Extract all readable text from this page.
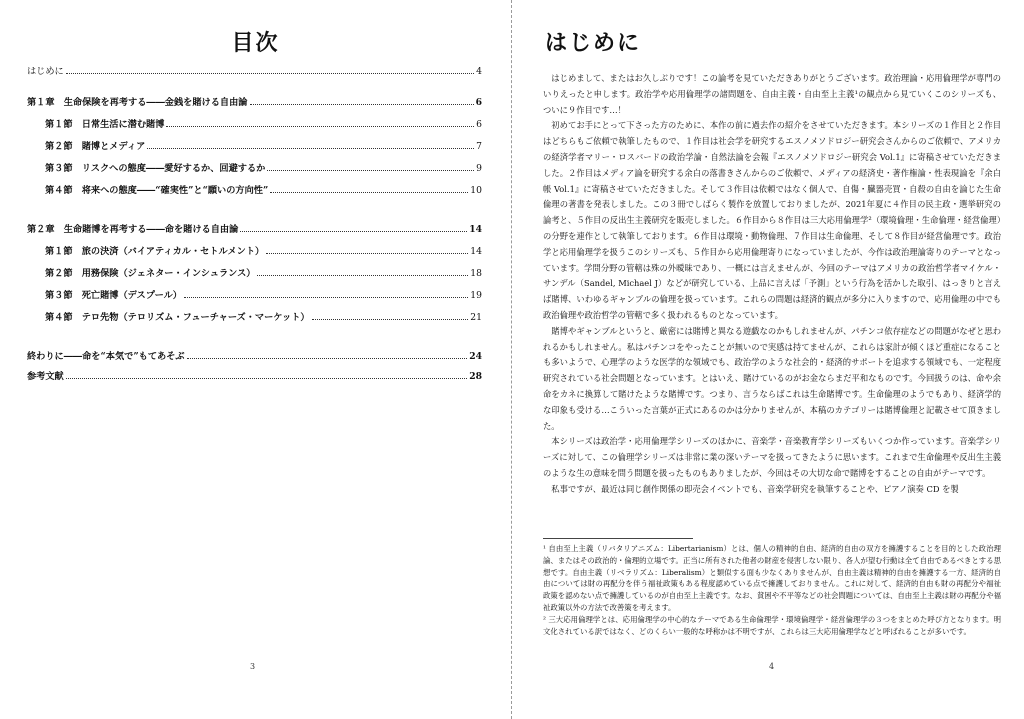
目次
はじめに	4
第１章　生命保険を再考する――金銭を賭ける自由論	6
第１節　日常生活に潜む賭博	6
第２節　賭博とメディア	7
第３節　リスクへの態度――愛好するか、回避するか	9
第４節　将来への態度――“確実性”と“願いの方向性”	10
第２章　生命賭博を再考する――命を賭ける自由論	14
第１節　旅の決済（バイアティカル・セトルメント）	14
第２節　用務保険（ジェネター・インシュランス）	18
第３節　死亡賭博（デスプール）	19
第４節　テロ先物（テロリズム・フューチャーズ・マーケット）	21
終わりに――命を“本気で”もてあそぶ	24
参考文献	28
3
はじめに

はじめまして、またはお久しぶりです！この論考を見ていただきありがとうございます。政治理論・応用倫理学が専門のいりえったと申します。政治学や応用倫理学の諸問題を、自由主義・自由至上主義¹の観点から見ていくこのシリーズも、ついに９作目です…！

初めてお手にとって下さった方のために、本作の前に過去作の紹介をさせていただきます。本シリーズの１作目と２作目はどちらもご依頼で執筆したもので、１作目は社会学を研究するエスノメソドロジー研究会さんからのご依頼で、アメリカの経済学者マリー・ロスバードの政治学論・自然法論を会報『エスノメソドロジー研究会 Vol.1』に寄稿させていただきました。２作目はメディア論を研究する余白の落書きさんからのご依頼で、メディアの経済史・著作権論・性表現論を『余白帳 Vol.1』に寄稿させていただきました。そして３作目は依頼ではなく個人で、自傷・臓器売買・自殺の自由を論じた生命倫理の著書を発表しました。この３冊でしばらく製作を放置しておりましたが、2021年夏に４作目の民主政・選挙研究の論考と、５作目の反出生主義研究を販売しました。６作目から８作目は三大応用倫理学²（環境倫理・生命倫理・経営倫理）の分野を連作として執筆しております。６作目は環境・動物倫理、７作目は生命倫理、そして８作目が経営倫理です。政治学と応用倫理学を扱うこのシリーズも、５作目から応用倫理寄りになっていましたが、今作は政治理論寄りのテーマとなっています。学問分野の管轄は殊の外曖昧であり、一概には言えませんが、今回のテーマはアメリカの政治哲学者マイケル・サンデル（Sandel, Michael J）などが研究している、上品に言えば「予測」という行為を活かした取引、はっきりと言えば賭博、いわゆるギャンブルの倫理を扱っています。これらの問題は経済的観点が多分に入りますので、応用倫理の中でも政治倫理や政治哲学の管轄で多く扱われるものとなっています。

賭博やギャンブルというと、厳密には賭博と異なる遊戯なのかもしれませんが、パチンコ依存症などの問題がなぜと思われるかもしれません。私はパチンコをやったことが無いので実感は持てませんが、これらは家計が傾くほど重症になることも多いようで、心理学のような医学的な領域でも、政治学のような社会的・経済的サポートを追求する領域でも、一定程度研究されている社会問題となっています。とはいえ、賭けているのがお金ならまだ平和なものです。今回扱うのは、命や余命をカネに換算して賭けたような賭博です。つまり、言うならばこれは生命賭博です。生命倫理のようでもあり、経済学的な印象も受ける…こういった言葉が正式にあるのかは分かりませんが、本稿のカテゴリーは賭博倫理と記載させて頂きました。

本シリーズは政治学・応用倫理学シリーズのほかに、音楽学・音楽教育学シリーズもいくつか作っています。音楽学シリーズに対して、この倫理学シリーズは非常に業の深いテーマを扱ってきたように思います。これまで生命倫理や反出生主義のような生の意味を問う問題を扱ったものもありましたが、今回はその大切な命で賭博をすることの自由がテーマです。

私事ですが、最近は同じ創作関係の即売会イベントでも、音楽学研究を執筆することや、ピアノ演奏 CD を製

¹ 自由至上主義（リバタリアニズム：Libertarianism）とは、個人の精神的自由、経済的自由の双方を擁護することを目的とした政治理論、またはその政治的・倫理的立場です。正当に所有された他者の財産を侵害しない限り、各人が望む行動は全て自由であるべきとする思想です。自由主義（リベラリズム：Liberalism）と類似する面も少なくありませんが、自由主義は精神的自由を擁護する一方、経済的自由については財の再配分を伴う福祉政策もある程度認めている点で擁護しておりません。これに対して、経済的自由も財の再配分や福祉政策を認めない点で擁護しているのが自由至上主義です。なお、貧困や不平等などの社会問題については、自由至上主義は財の再配分や福祉政策以外の方法で改善策を考えます。

² 三大応用倫理学とは、応用倫理学の中心的なテーマである生命倫理学・環境倫理学・経営倫理学の３つをまとめた呼び方となります。明文化されている訳ではなく、どのくらい一般的な呼称かは不明ですが、これらは三大応用倫理学などと呼ばれることが多いです。

4
